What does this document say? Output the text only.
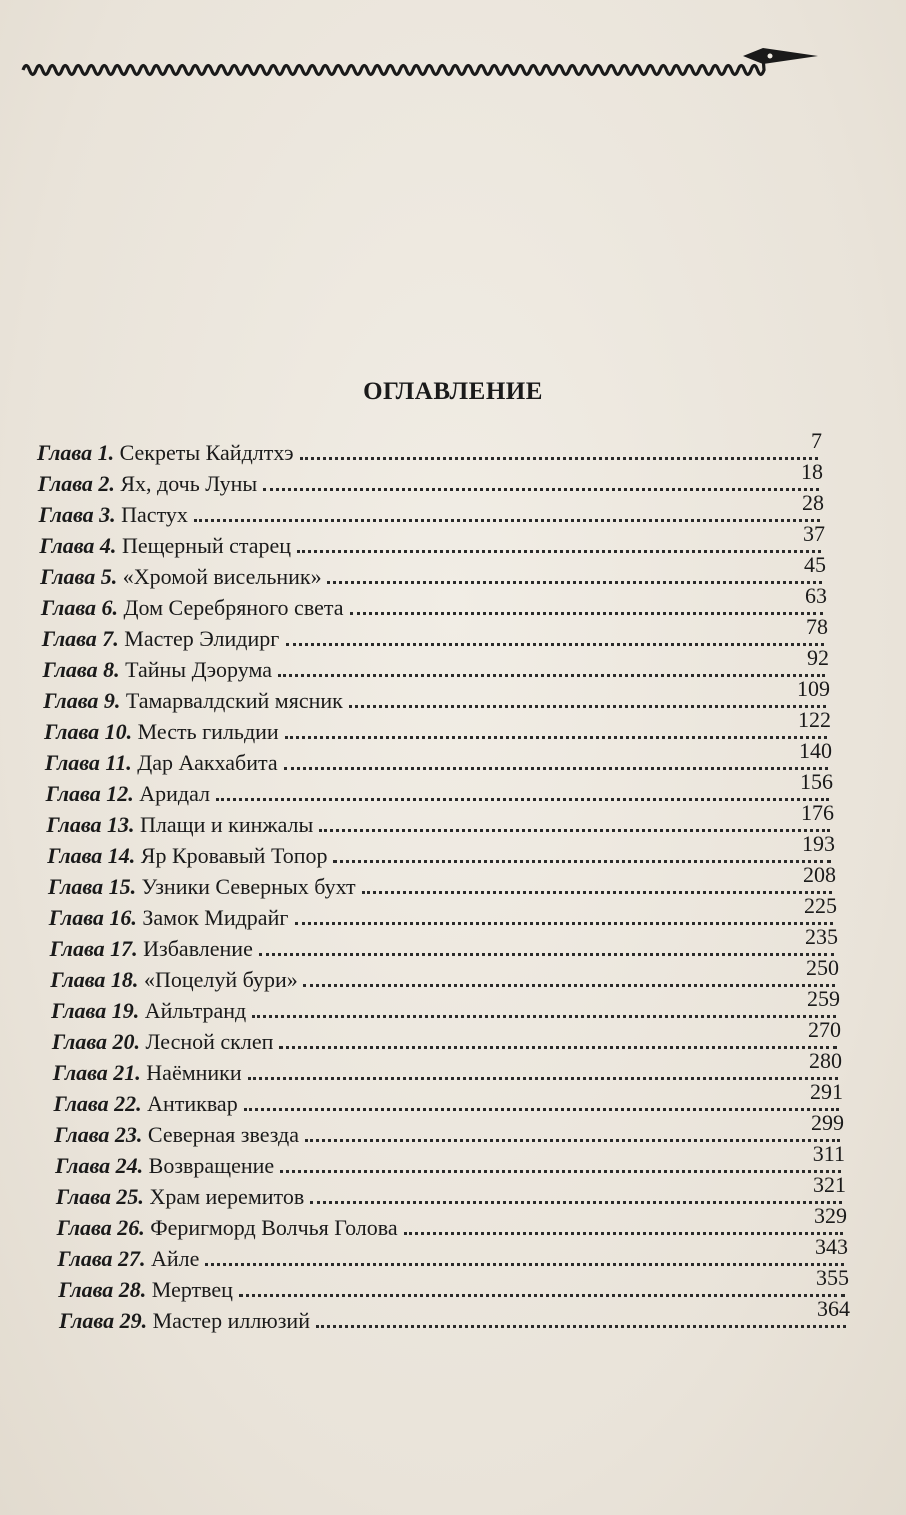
ОГЛАВЛЕНИЕ
Глава 1. Секреты Кайдлтхэ	7
Глава 2. Ях, дочь Луны	18
Глава 3. Пастух	28
Глава 4. Пещерный старец	37
Глава 5. «Хромой висельник»	45
Глава 6. Дом Серебряного света	63
Глава 7. Мастер Элидирг	78
Глава 8. Тайны Дэорума	92
Глава 9. Тамарвалдский мясник	109
Глава 10. Месть гильдии	122
Глава 11. Дар Аакхабита	140
Глава 12. Аридал	156
Глава 13. Плащи и кинжалы	176
Глава 14. Яр Кровавый Топор	193
Глава 15. Узники Северных бухт	208
Глава 16. Замок Мидрайг	225
Глава 17. Избавление	235
Глава 18. «Поцелуй бури»	250
Глава 19. Айльтранд	259
Глава 20. Лесной склеп	270
Глава 21. Наёмники	280
Глава 22. Антиквар	291
Глава 23. Северная звезда	299
Глава 24. Возвращение	311
Глава 25. Храм иеремитов	321
Глава 26. Феригморд Волчья Голова	329
Глава 27. Айле	343
Глава 28. Мертвец	355
Глава 29. Мастер иллюзий	364
